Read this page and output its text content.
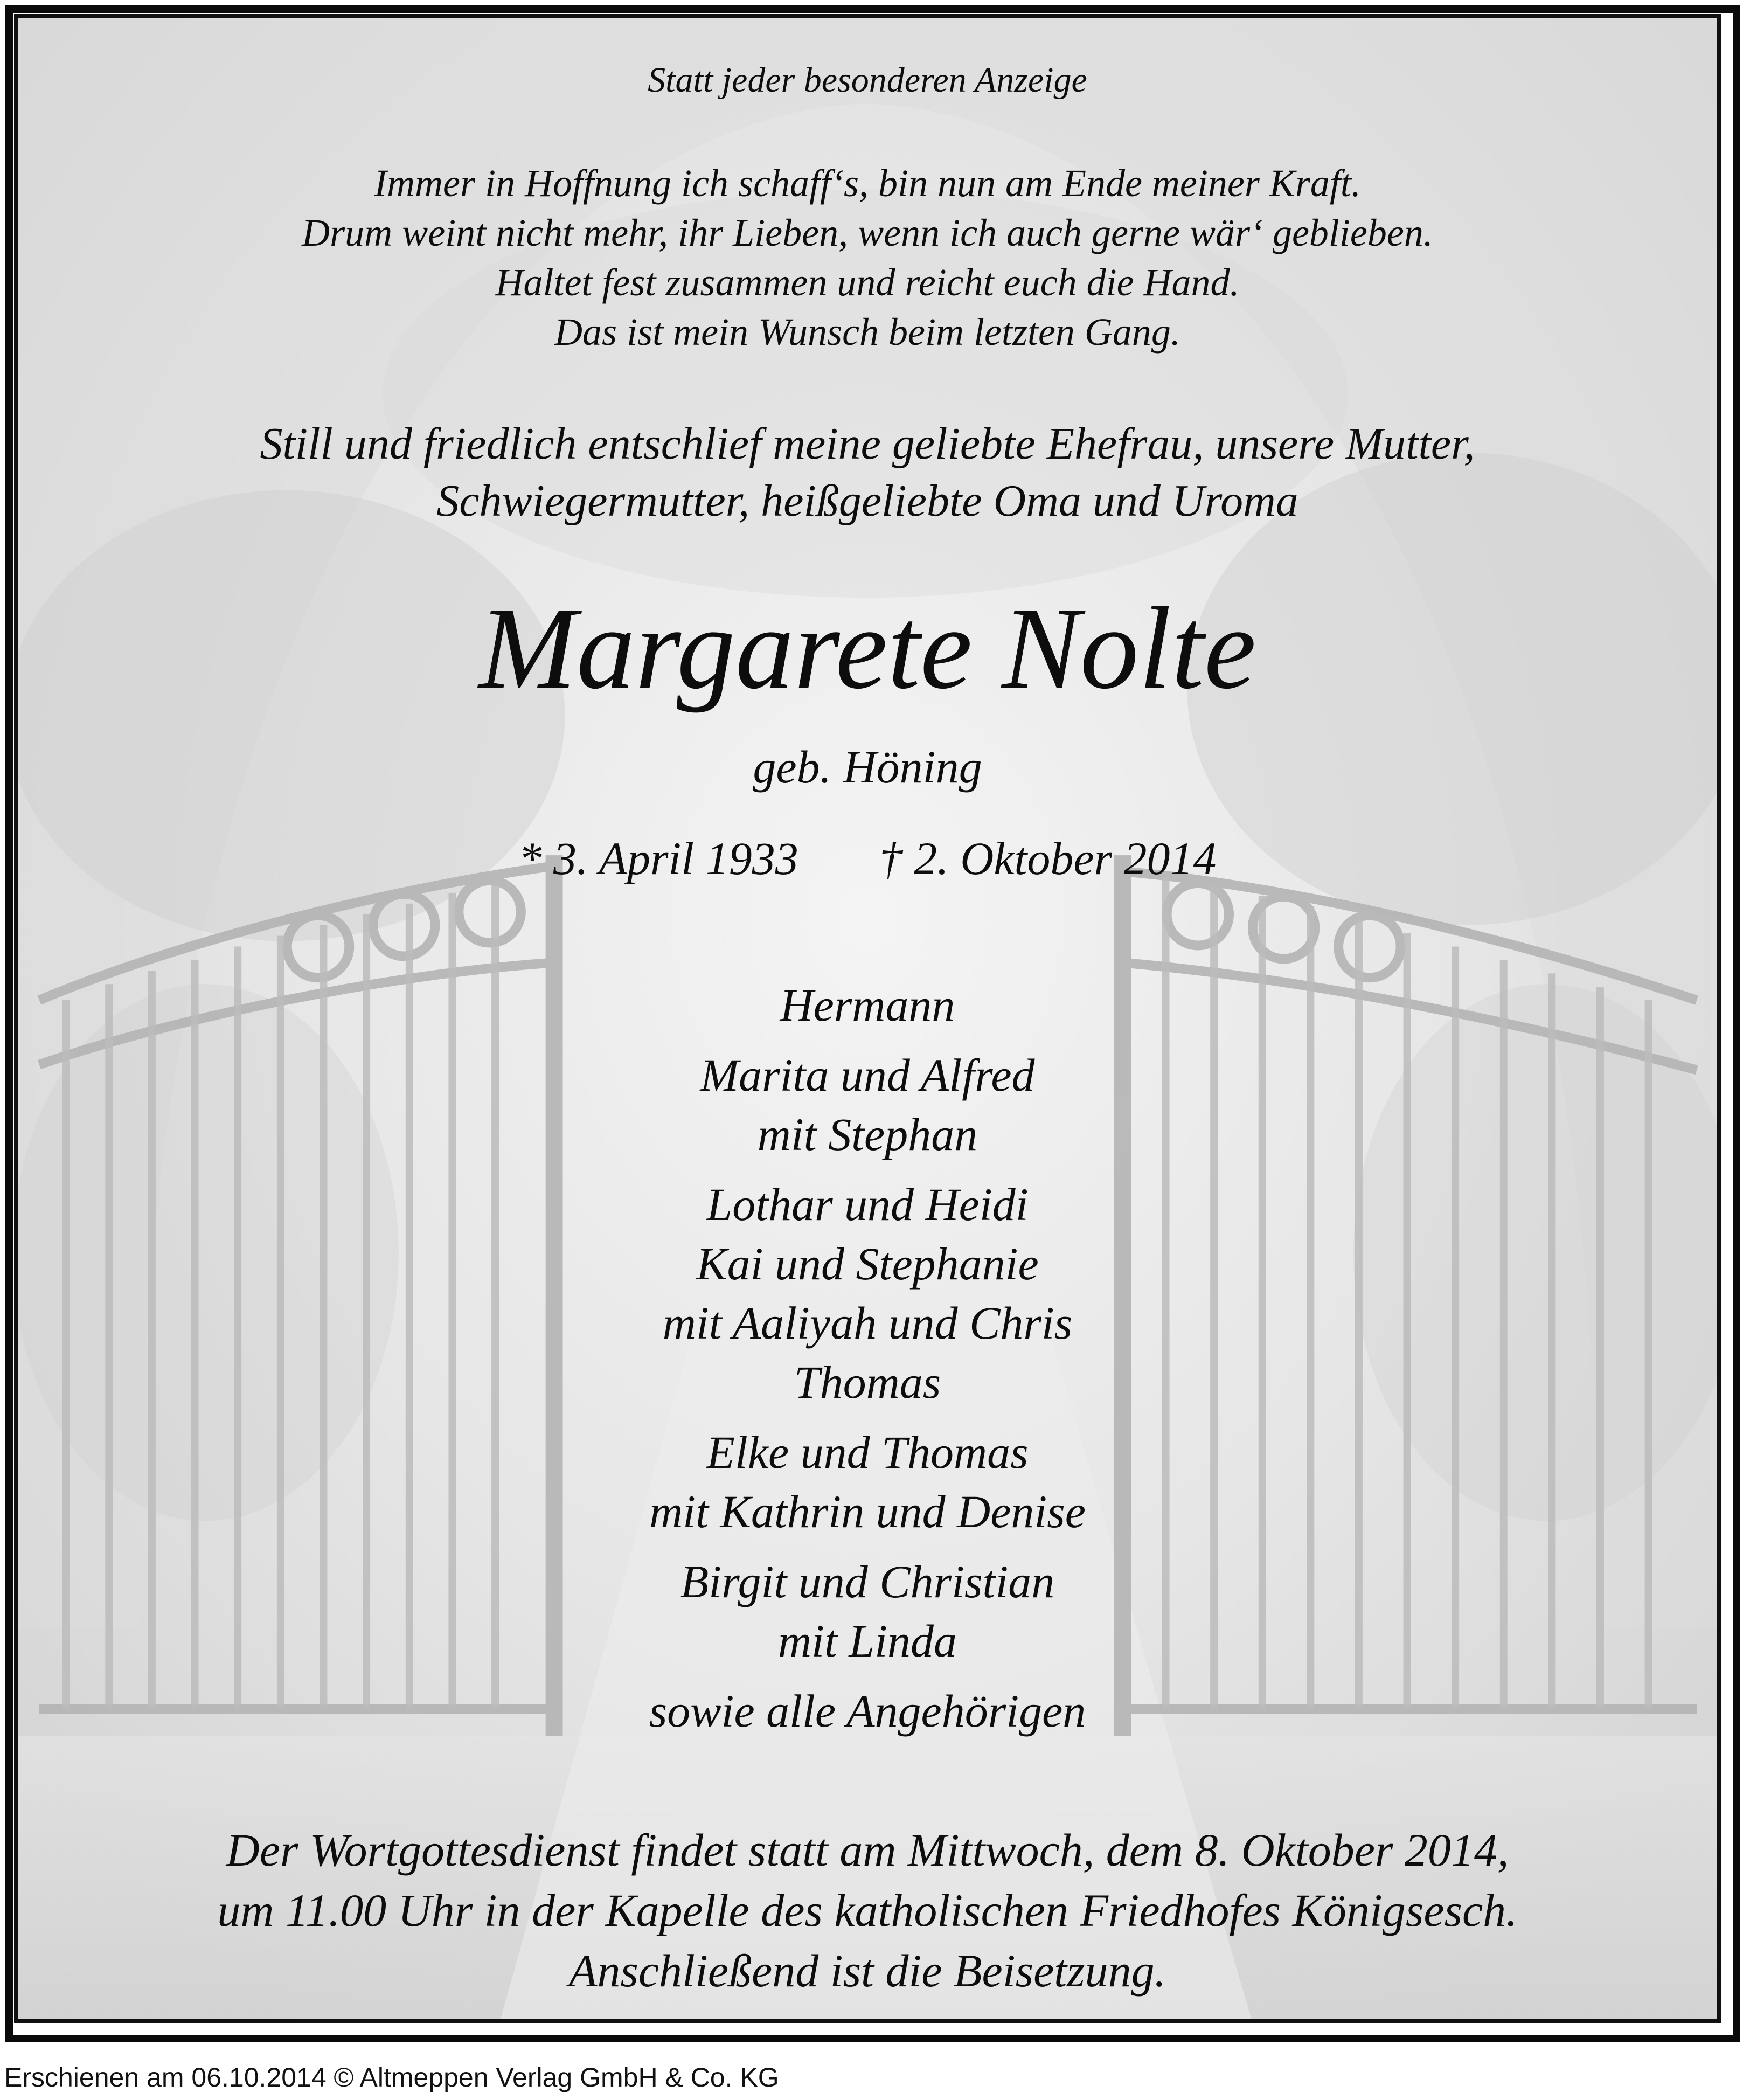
Statt jeder besonderen Anzeige

Immer in Hoffnung ich schaff‘s, bin nun am Ende meiner Kraft.

Drum weint nicht mehr, ihr Lieben, wenn ich auch gerne wär‘ geblieben.

Haltet fest zusammen und reicht euch die Hand.

Das ist mein Wunsch beim letzten Gang.

Still und friedlich entschlief meine geliebte Ehefrau, unsere Mutter,

Schwiegermutter, heißgeliebte Oma und Uroma

Margarete Nolte

geb. Höning

* 3. April 1933 † 2. Oktober 2014

Hermann

Marita und Alfred

mit Stephan

Lothar und Heidi

Kai und Stephanie

mit Aaliyah und Chris

Thomas

Elke und Thomas

mit Kathrin und Denise

Birgit und Christian

mit Linda

sowie alle Angehörigen

Der Wortgottesdienst findet statt am Mittwoch, dem 8. Oktober 2014,

um 11.00 Uhr in der Kapelle des katholischen Friedhofes Königsesch.

Anschließend ist die Beisetzung.

Erschienen am 06.10.2014 © Altmeppen Verlag GmbH & Co. KG
